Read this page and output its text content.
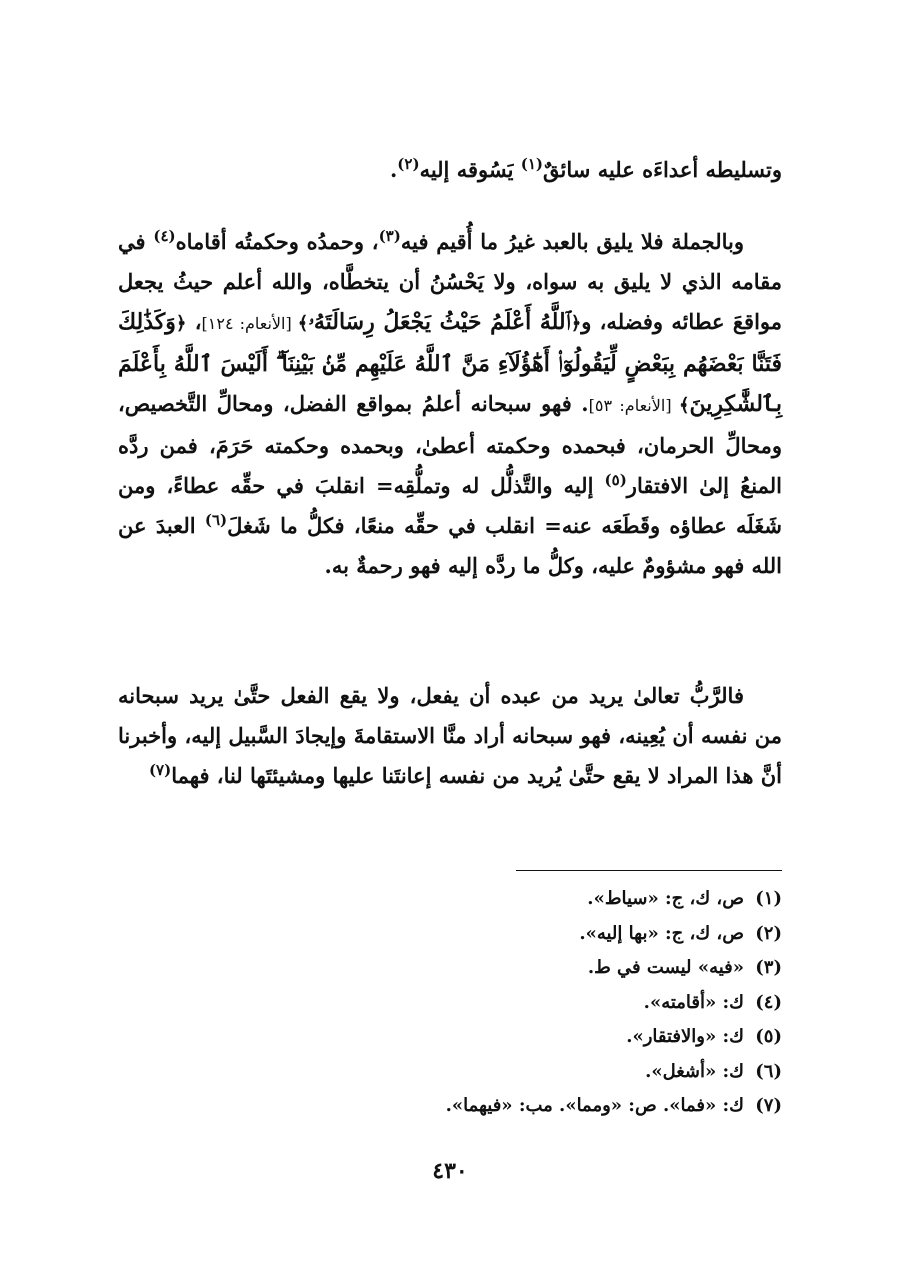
وتسليطه أعداءَه عليه سائقٌ$^{(١)}$ يَسُوقه إليه$^{(٢)}$.

وبالجملة فلا يليق بالعبد غيرُ ما أُقيم فيه$^{(٣)}$، وحمدُه وحكمتُه أقاماه$^{(٤)}$ في مقامه الذي لا يليق به سواه، ولا يَحْسُنُ أن يتخطَّاه، والله أعلم حيثُ يجعل مواقعَ عطائه وفضله، و﴿ٱللَّهُ أَعْلَمُ حَيْثُ يَجْعَلُ رِسَالَتَهُۥ﴾ [الأنعام: ١٢٤]، ﴿وَكَذَٰلِكَ فَتَنَّا بَعْضَهُم بِبَعْضٍ لِّيَقُولُوٓا۟ أَهَٰٓؤُلَآءِ مَنَّ ٱللَّهُ عَلَيْهِم مِّنۢ بَيْنِنَآ ۗ أَلَيْسَ ٱللَّهُ بِأَعْلَمَ بِٱلشَّٰكِرِينَ﴾ [الأنعام: ٥٣]. فهو سبحانه أعلمُ بمواقع الفضل، ومحالِّ التَّخصيص، ومحالِّ الحرمان، فبحمده وحكمته أعطىٰ، وبحمده وحكمته حَرَمَ، فمن ردَّه المنعُ إلىٰ الافتقار$^{(٥)}$ إليه والتَّذلُّل له وتملُّقِه= انقلبَ في حقِّه عطاءً، ومن شَغَلَه عطاؤه وقَطَعَه عنه= انقلب في حقِّه منعًا، فكلُّ ما شَغلَ$^{(٦)}$ العبدَ عن الله فهو مشؤومٌ عليه، وكلُّ ما ردَّه إليه فهو رحمةٌ به.

فالرَّبُّ تعالىٰ يريد من عبده أن يفعل، ولا يقع الفعل حتَّىٰ يريد سبحانه من نفسه أن يُعِينه، فهو سبحانه أراد منَّا الاستقامةَ وإيجادَ السَّبيل إليه، وأخبرنا أنَّ هذا المراد لا يقع حتَّىٰ يُريد من نفسه إعانتَنا عليها ومشيئتَها لنا، فهما$^{(٧)}$

(١)ص، ك، ج: «سياط».
(٢)ص، ك، ج: «بها إليه».
(٣)«فيه» ليست في ط.
(٤)ك: «أقامته».
(٥)ك: «والافتقار».
(٦)ك: «أشغل».
(٧)ك: «فما». ص: «ومما». مب: «فيهما».
٤٣٠
